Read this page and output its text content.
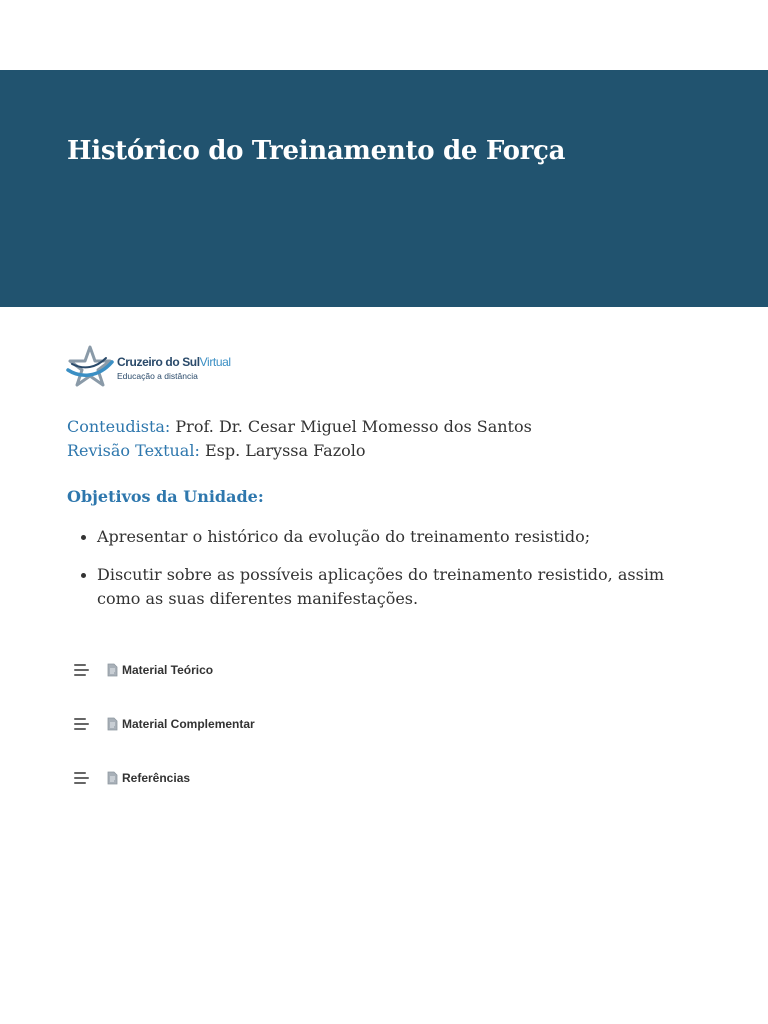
Histórico do Treinamento de Força
Cruzeiro do SulVirtual
Educação a distância
Conteudista: Prof. Dr. Cesar Miguel Momesso dos Santos
Revisão Textual: Esp. Laryssa Fazolo
Objetivos da Unidade:
Apresentar o histórico da evolução do treinamento resistido;
Discutir sobre as possíveis aplicações do treinamento resistido, assim como as suas diferentes manifestações.
Material Teórico
Material Complementar
Referências
